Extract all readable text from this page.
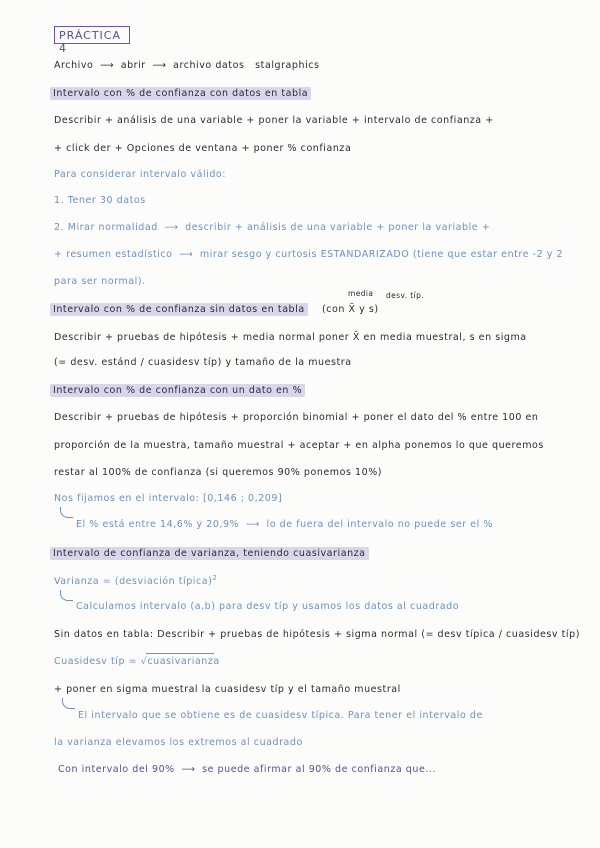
PRÁCTICA 4
Archivo ⟶ abrir ⟶ archivo datos stalgraphics
Intervalo con % de confianza con datos en tabla
Describir + análisis de una variable + poner la variable + intervalo de confianza +
+ click der + Opciones de ventana + poner % confianza
Para considerar intervalo válido:
1. Tener 30 datos
2. Mirar normalidad ⟶ describir + análisis de una variable + poner la variable +
+ resumen estadístico ⟶ mirar sesgo y curtosis ESTANDARIZADO (tiene que estar entre -2 y 2
para ser normal).
media desv. típ.
Intervalo con % de confianza sin datos en tabla (con X̄ y s)
Describir + pruebas de hipótesis + media normal poner X̄ en media muestral, s en sigma
(= desv. estánd / cuasidesv típ) y tamaño de la muestra
Intervalo con % de confianza con un dato en %
Describir + pruebas de hipótesis + proporción binomial + poner el dato del % entre 100 en
proporción de la muestra, tamaño muestral + aceptar + en alpha ponemos lo que queremos
restar al 100% de confianza (si queremos 90% ponemos 10%)
Nos fijamos en el intervalo: [0,146 ; 0,209]
El % está entre 14,6% y 20,9% ⟶ lo de fuera del intervalo no puede ser el %
Intervalo de confianza de varianza, teniendo cuasivarianza
Varianza = (desviación típica)$^2$
Calculamos intervalo (a,b) para desv típ y usamos los datos al cuadrado
Sin datos en tabla: Describir + pruebas de hipótesis + sigma normal (= desv típica / cuasidesv típ)
Cuasidesv típ = √cuasivarianza
+ poner en sigma muestral la cuasidesv típ y el tamaño muestral
El intervalo que se obtiene es de cuasidesv típica. Para tener el intervalo de
la varianza elevamos los extremos al cuadrado
Con intervalo del 90% ⟶ se puede afirmar al 90% de confianza que...
